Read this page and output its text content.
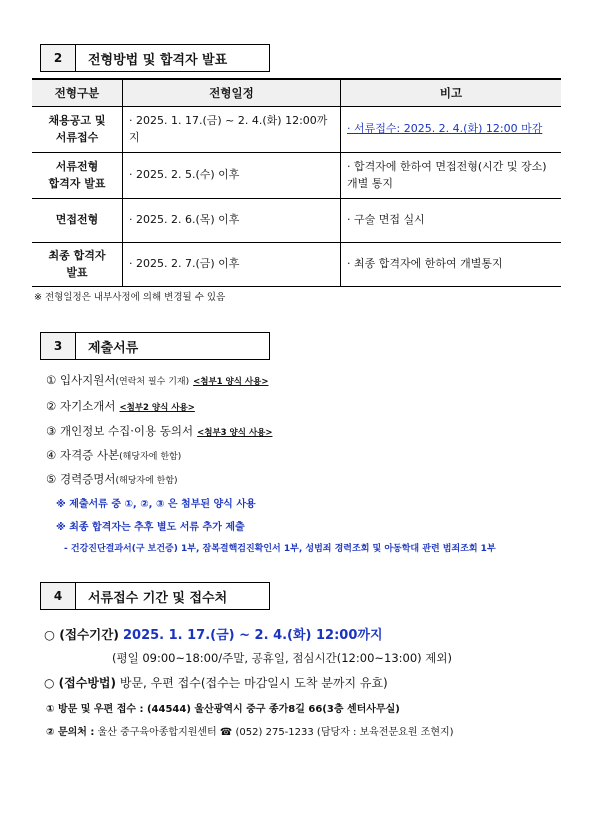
2	전형방법 및 합격자 발표
전형구분	전형일정	비고
채용공고 및
서류접수	· 2025. 1. 17.(금) ~ 2. 4.(화) 12:00까지	· 서류접수: 2025. 2. 4.(화) 12:00 마감
서류전형
합격자 발표	· 2025. 2. 5.(수) 이후	· 합격자에 한하여 면접전형(시간 및 장소)
개별 통지
면접전형	· 2025. 2. 6.(목) 이후	· 구술 면접 실시
최종 합격자
발표	· 2025. 2. 7.(금) 이후	· 최종 합격자에 한하여 개별통지
※ 전형일정은 내부사정에 의해 변경될 수 있음
3	제출서류
① 입사지원서(연락처 필수 기재) <첨부1 양식 사용>
② 자기소개서 <첨부2 양식 사용>
③ 개인정보 수집·이용 동의서 <첨부3 양식 사용>
④ 자격증 사본(해당자에 한함)
⑤ 경력증명서(해당자에 한함)
※ 제출서류 중 ①, ②, ③ 은 첨부된 양식 사용
※ 최종 합격자는 추후 별도 서류 추가 제출
- 건강진단결과서(구 보건증) 1부, 잠복결핵검진확인서 1부, 성범죄 경력조회 및 아동학대 관련 범죄조회 1부
4	서류접수 기간 및 접수처
○ (접수기간) 2025. 1. 17.(금) ~ 2. 4.(화) 12:00까지
(평일 09:00~18:00/주말, 공휴일, 점심시간(12:00~13:00) 제외)
○ (접수방법) 방문, 우편 접수(접수는 마감일시 도착 분까지 유효)
① 방문 및 우편 접수 : (44544) 울산광역시 중구 종가8길 66(3층 센터사무실)
② 문의처 : 울산 중구육아종합지원센터 ☎ (052) 275-1233 (담당자 : 보육전문요원 조현지)
